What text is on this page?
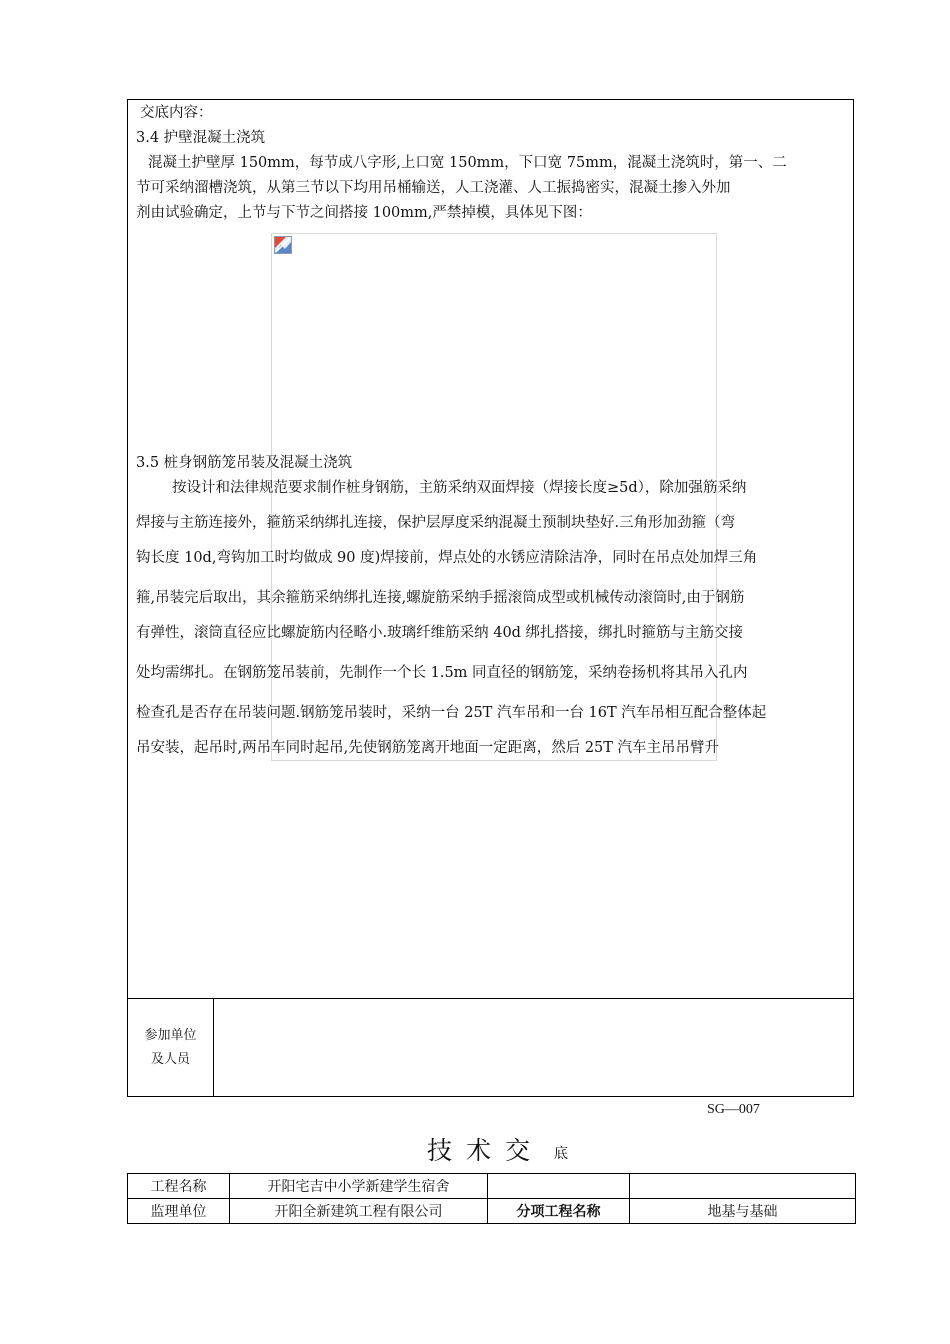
交底内容：
3.4 护壁混凝土浇筑
混凝土护壁厚 150mm，每节成八字形,上口宽 150mm，下口宽 75mm，混凝土浇筑时，第一、二
节可采纳溜槽浇筑，从第三节以下均用吊桶输送，人工浇灌、人工振捣密实，混凝土掺入外加
剂由试验确定，上节与下节之间搭接 100mm,严禁掉模，具体见下图：
3.5 桩身钢筋笼吊装及混凝土浇筑
按设计和法律规范要求制作桩身钢筋，主筋采纳双面焊接（焊接长度≥5d），除加强筋采纳
焊接与主筋连接外，箍筋采纳绑扎连接，保护层厚度采纳混凝土预制块垫好.三角形加劲箍（弯
钩长度 10d,弯钩加工时均做成 90 度)焊接前，焊点处的水锈应清除洁净，同时在吊点处加焊三角
箍,吊装完后取出，其余箍筋采纳绑扎连接,螺旋筋采纳手摇滚筒成型或机械传动滚筒时,由于钢筋
有弹性，滚筒直径应比螺旋筋内径略小.玻璃纤维筋采纳 40d 绑扎搭接，绑扎时箍筋与主筋交接
处均需绑扎。在钢筋笼吊装前，先制作一个长 1.5m 同直径的钢筋笼，采纳卷扬机将其吊入孔内
检查孔是否存在吊装问题.钢筋笼吊装时，采纳一台 25T 汽车吊和一台 16T 汽车吊相互配合整体起
吊安装，起吊时,两吊车同时起吊,先使钢筋笼离开地面一定距离，然后 25T 汽车主吊吊臂升
参加单位
及人员
SG—007
技术交 底
工程名称	开阳宅吉中小学新建学生宿舍		
监理单位	开阳全新建筑工程有限公司	分项工程名称	地基与基础
